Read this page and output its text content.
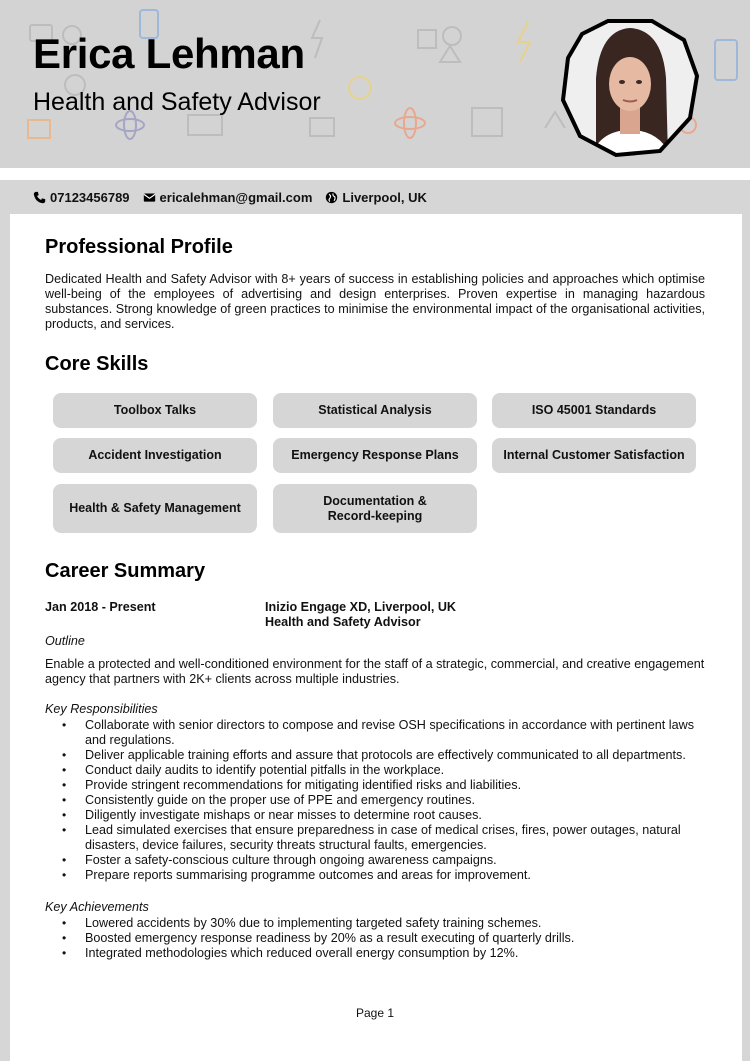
Erica Lehman
Health and Safety Advisor
07123456789 ericalehman@gmail.com Liverpool, UK
Professional Profile

Dedicated Health and Safety Advisor with 8+ years of success in establishing policies and approaches which optimise well-being of the employees of advertising and design enterprises. Proven expertise in managing hazardous substances. Strong knowledge of green practices to minimise the environmental impact of the organisational activities, products, and services.

Core Skills
Toolbox Talks	Statistical Analysis	ISO 45001 Standards
Accident Investigation	Emergency Response Plans	Internal Customer Satisfaction
Health & Safety Management
Documentation & Record-keeping
Career Summary
Jan 2018 - Present	Inizio Engage XD, Liverpool, UK
Health and Safety Advisor
Outline

Enable a protected and well-conditioned environment for the staff of a strategic, commercial, and creative engagement agency that partners with 2K+ clients across multiple industries.

Key Responsibilities
• Collaborate with senior directors to compose and revise OSH specifications in accordance with pertinent laws and regulations.
• Deliver applicable training efforts and assure that protocols are effectively communicated to all departments.
• Conduct daily audits to identify potential pitfalls in the workplace.
• Provide stringent recommendations for mitigating identified risks and liabilities.
• Consistently guide on the proper use of PPE and emergency routines.
• Diligently investigate mishaps or near misses to determine root causes.
• Lead simulated exercises that ensure preparedness in case of medical crises, fires, power outages, natural disasters, device failures, security threats structural faults, emergencies.
• Foster a safety-conscious culture through ongoing awareness campaigns.
• Prepare reports summarising programme outcomes and areas for improvement.
Key Achievements
• Lowered accidents by 30% due to implementing targeted safety training schemes.
• Boosted emergency response readiness by 20% as a result executing of quarterly drills.
• Integrated methodologies which reduced overall energy consumption by 12%.
Page 1
